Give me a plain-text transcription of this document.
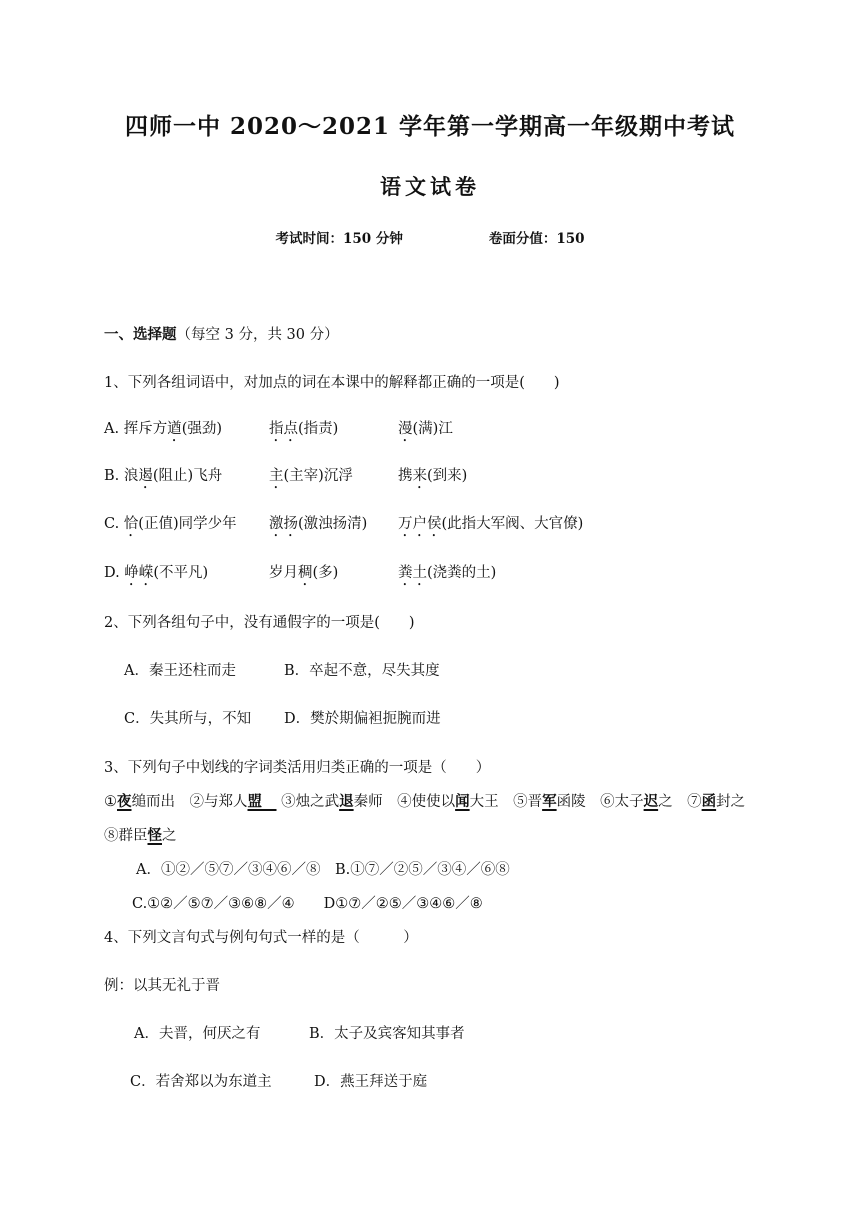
四师一中 2020～2021 学年第一学期高一年级期中考试
语文试卷
考试时间：150 分钟	卷面分值：150
一、选择题（每空 3 分，共 30 分）
1、下列各组词语中，对加点的词在本课中的解释都正确的一项是(　　)
A. 挥斥方遒(强劲)	指点(指责)	漫(满)江
B. 浪遏(阻止)飞舟	主(主宰)沉浮	携来(到来)
C. 恰(正值)同学少年 激扬(激浊扬清) 万户侯(此指大军阀、大官僚)
D. 峥嵘(不平凡)	岁月稠(多)	粪土(浇粪的土)
2、下列各组句子中，没有通假字的一项是(　　)
A．秦王还柱而走	B．卒起不意，尽失其度
C．失其所与，不知 D．樊於期偏袒扼腕而进
3、下列句子中划线的字词类活用归类正确的一项是（　　）
①夜缒而出　②与郑人盟　 ③烛之武退秦师　④使使以闻大王　⑤晋军函陵　⑥太子迟之　⑦函封之
⑧群臣怪之
A．①②／⑤⑦／③④⑥／⑧　B.①⑦／②⑤／③④／⑥⑧
C.①②／⑤⑦／③⑥⑧／④　　D①⑦／②⑤／③④⑥／⑧
4、下列文言句式与例句句式一样的是（　　　）
例：以其无礼于晋
A．夫晋，何厌之有	B．太子及宾客知其事者
C．若舍郑以为东道主	D．燕王拜送于庭
